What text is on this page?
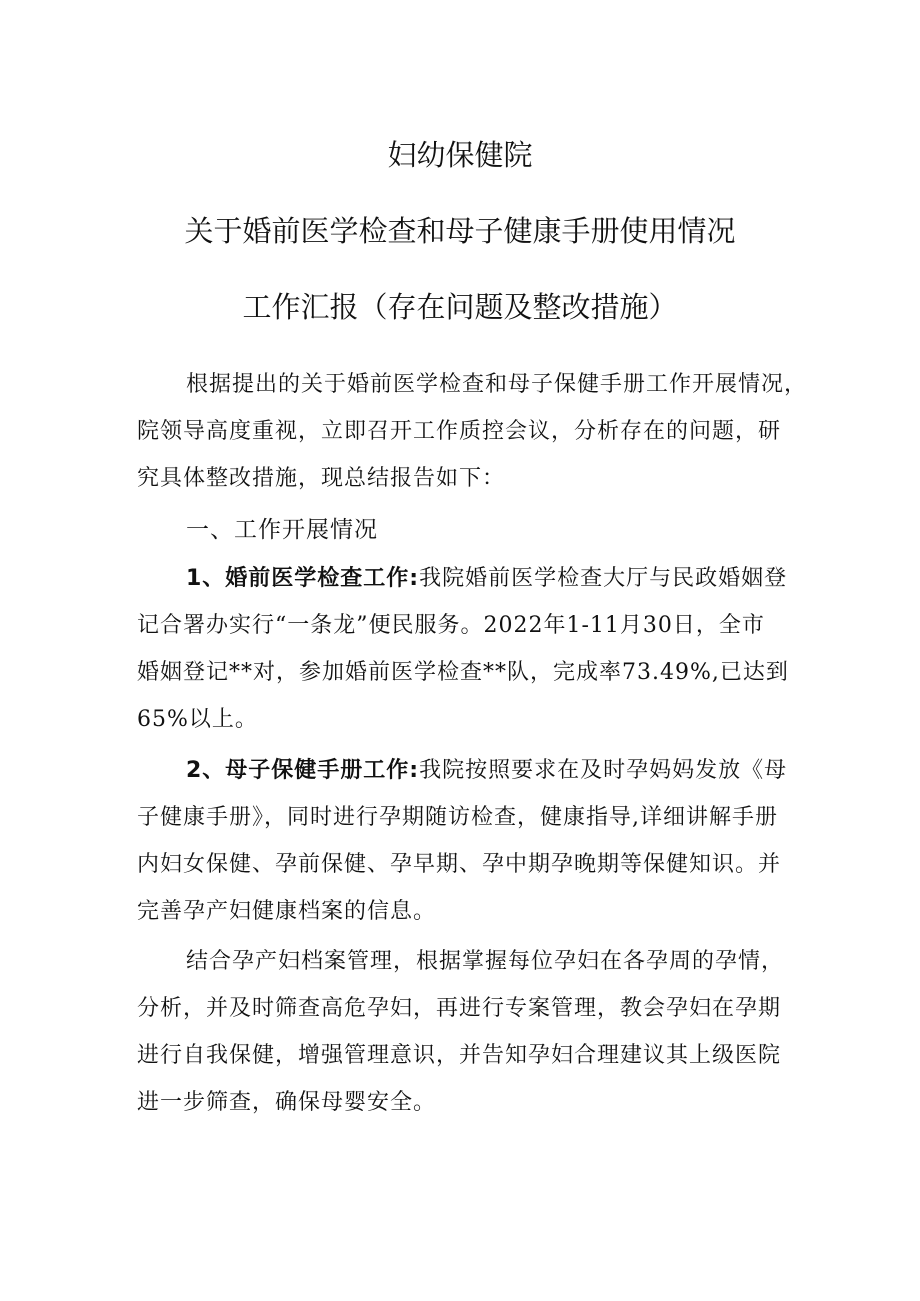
妇幼保健院
关于婚前医学检查和母子健康手册使用情况
工作汇报（存在问题及整改措施）
根据提出的关于婚前医学检查和母子保健手册工作开展情况，
院领导高度重视，立即召开工作质控会议，分析存在的问题，研
究具体整改措施，现总结报告如下：
一、工作开展情况
1、婚前医学检查工作:我院婚前医学检查大厅与民政婚姻登
记合署办实行“一条龙”便民服务。2022年1-11月30日，全市
婚姻登记**对，参加婚前医学检查**队，完成率73.49%,已达到
65%以上。
2、母子保健手册工作:我院按照要求在及时孕妈妈发放《母
子健康手册》，同时进行孕期随访检查，健康指导,详细讲解手册
内妇女保健、孕前保健、孕早期、孕中期孕晚期等保健知识。并
完善孕产妇健康档案的信息。
结合孕产妇档案管理，根据掌握每位孕妇在各孕周的孕情，
分析，并及时筛查高危孕妇，再进行专案管理，教会孕妇在孕期
进行自我保健，增强管理意识，并告知孕妇合理建议其上级医院
进一步筛查，确保母婴安全。
